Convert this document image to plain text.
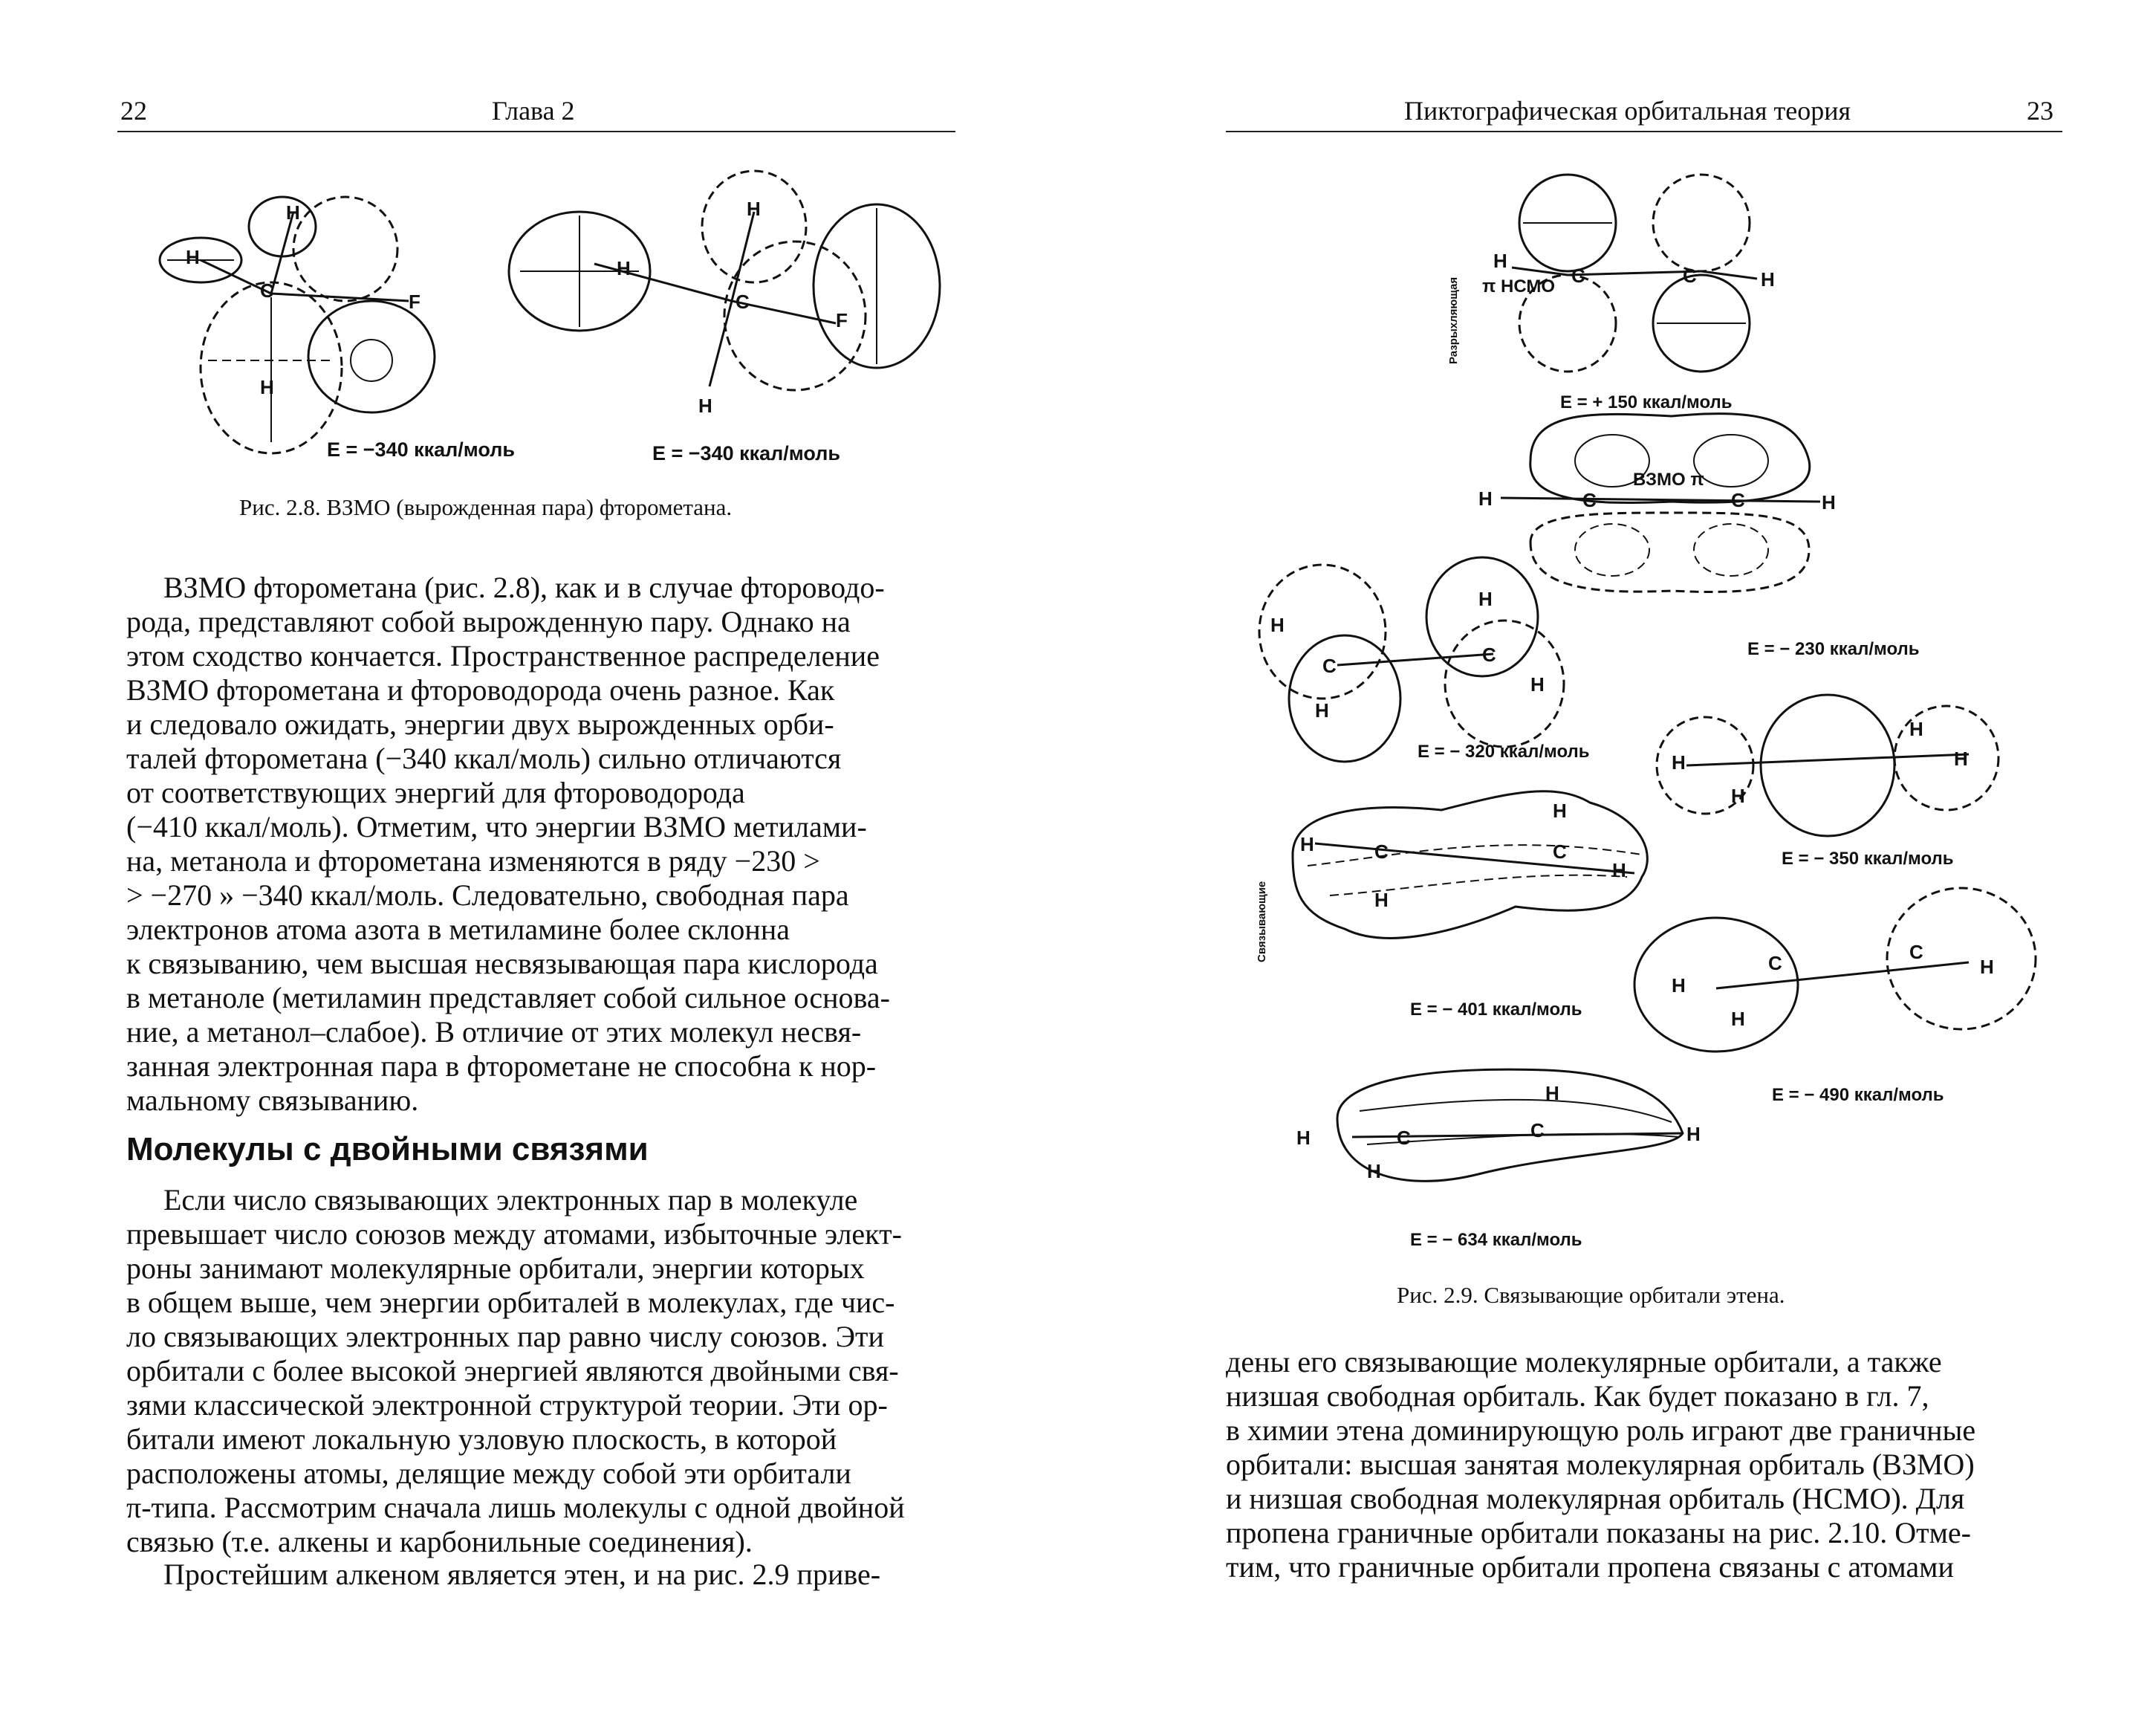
22	Глава 2
C	F
H
H
H
C
F
H
H
H
E = −340 ккал/моль	E = −340 ккал/моль
Рис. 2.8. ВЗМО (вырожденная пара) фторометана.
ВЗМО фторометана (рис. 2.8), как и в случае фтороводо-
рода, представляют собой вырожденную пару. Однако на
этом сходство кончается. Пространственное распределение
ВЗМО фторометана и фтороводорода очень разное. Как
и следовало ожидать, энергии двух вырожденных орби-
талей фторометана (−340 ккал/моль) сильно отличаются
от соответствующих энергий для фтороводорода
(−410 ккал/моль). Отметим, что энергии ВЗМО метилами-
на, метанола и фторометана изменяются в ряду −230 >
> −270 » −340 ккал/моль. Следовательно, свободная пара
электронов атома азота в метиламине более склонна
к связыванию, чем высшая несвязывающая пара кислорода
в метаноле (метиламин представляет собой сильное основа-
ние, а метанол–слабое). В отличие от этих молекул несвя-
занная электронная пара в фторометане не способна к нор-
мальному связыванию.
Молекулы с двойными связями
Если число связывающих электронных пар в молекуле
превышает число союзов между атомами, избыточные элект-
роны занимают молекулярные орбитали, энергии которых
в общем выше, чем энергии орбиталей в молекулах, где чис-
ло связывающих электронных пар равно числу союзов. Эти
орбитали с более высокой энергией являются двойными свя-
зями классической электронной структурой теории. Эти ор-
битали имеют локальную узловую плоскость, в которой
расположены атомы, делящие между собой эти орбитали
π-типа. Рассмотрим сначала лишь молекулы с одной двойной
связью (т.е. алкены и карбонильные соединения).
Простейшим алкеном является этен, и на рис. 2.9 приве-
Пиктографическая орбитальная теория	23
C	C
H
H
H	H
C	C
C	C
H
H
H
H
H
H
H
H
H	C	C
H
H
H
H
C	C
H
H
H	C	C	H
H
H
Разрыхляющая
Связывающие
π НСМО
ВЗМО π
E = + 150 ккал/моль
E = − 230 ккал/моль
E = − 320 ккал/моль
E = − 350 ккал/моль
E = − 401 ккал/моль
E = − 490 ккал/моль
E = − 634 ккал/моль
Рис. 2.9. Связывающие орбитали этена.
дены его связывающие молекулярные орбитали, а также
низшая свободная орбиталь. Как будет показано в гл. 7,
в химии этена доминирующую роль играют две граничные
орбитали: высшая занятая молекулярная орбиталь (ВЗМО)
и низшая свободная молекулярная орбиталь (НСМО). Для
пропена граничные орбитали показаны на рис. 2.10. Отме-
тим, что граничные орбитали пропена связаны с атомами
